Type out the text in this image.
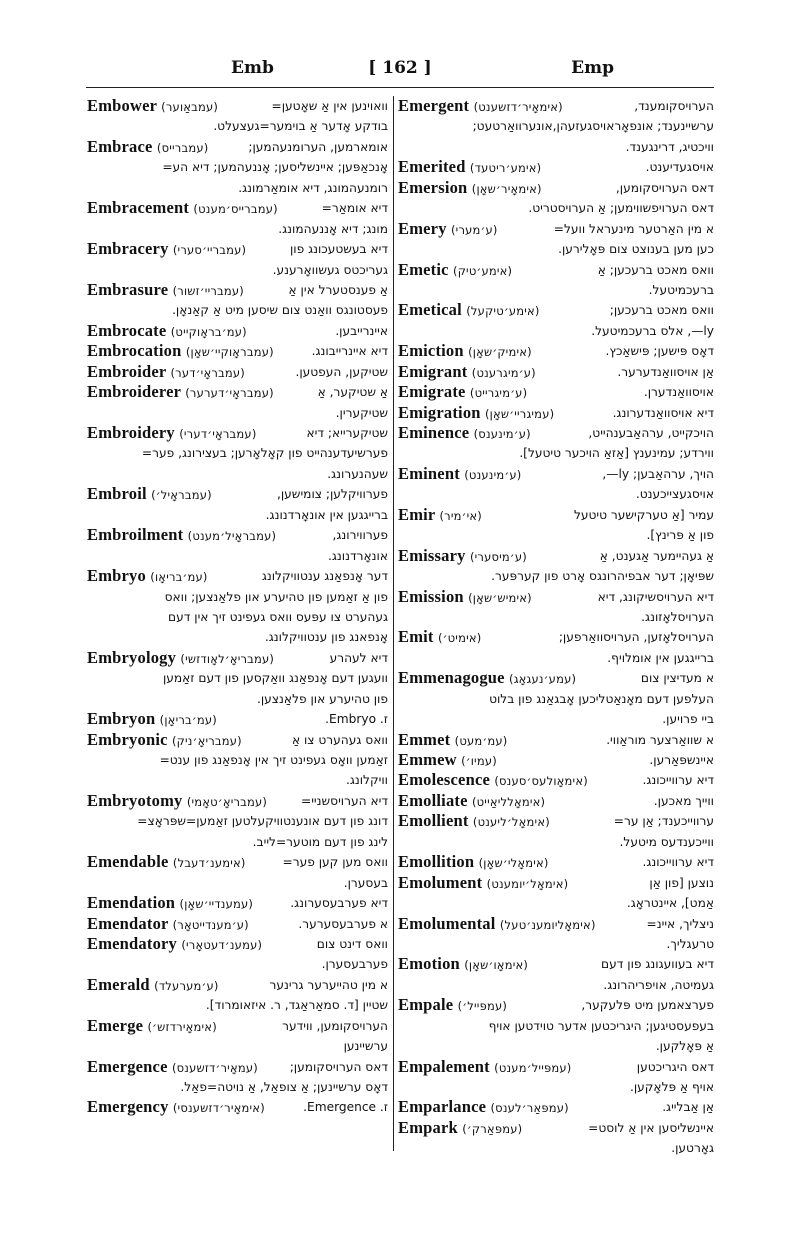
Emb	[ 162 ]	Emp
Embower (עמבאַוער)	וואוינען אין אַ שאָטען=
בודקע אָדער אַ בוימער=געצעלט.
Embrace (עמברייס)	אומארמען, הערומנעהמען;
אָנכאַפּען; איינשליסען; אָננעהמען; דיא הע=
רומנעהמונג, דיא אומאַרמונג.
Embracement (עמברייס׳מענט)	דיא אומאַר=
מונג; דיא אָננעהמונג.
Embracery (עמבריי׳סערי)	דיא בעשטעכונג פון
געריכטס געשוואָרענע.
Embrasure (עמבריי׳זשור)	אַ פענסטערל אין אַ
פעסטונגס וואַנט צום שיסען מיט אַ קאַנאָן.
Embrocate (עמ׳בראָוקייט)	איינרייבען.
Embrocation (עמבראָוקיי׳שאָן)	דיא איינרייבונג.
Embroider (עמבראָי׳דער)	שטיקען, העפטען.
Embroiderer (עמבראָי׳דערער)	אַ שטיקער, אַ
שטיקערין.
Embroidery (עמבראָי׳דערי)	שטיקערייא; דיא
פערשיעדענהייט פון קאָלאָרען; בעצירונג, פער=
שעהנערונג.
Embroil (עמבראָיל׳)	פערוויקלען; צומישען,
ברייגגען אין אונאָרדנונג.
Embroilment (עמבראָיל׳מענט)	פערווירונג,
אונאָרדנונג.
Embryo (עמ׳בריאָו)	דער אָנפאַנג ענטוויקלונג
פון אַ זאַמען פון טהיערע און פלאַנצען; וואס
געהערט צו עפּעס וואס געפינט זיך אין דעם
אָנפאנג פון ענטוויקלונג.
Embryology (עמבריאָ׳לאָודזשי)	דיא לעהרע
וועגען דעם אָנפאַנג וואַקסען פון דעם זאַמען
פון טהיערע און פלאַנצען.
Embryon (עמ׳בריאָן)	ז. Embryo.
Embryonic (עמבריאָ׳ניק)	וואס געהערט צו אַ
זאַמען וואָס געפינט זיך אין אָנפאַנג פון ענט=
וויקלונג.
Embryotomy (עמבריאָ׳טאָמי)	דיא הערויסשניי=
דונג פון דעם אונענטוויקעלטען זאַמען=שפּראָצ=
לינג פון דעם מוטער=לייב.
Emendable (אימענ׳דעבל)	וואס מען קען פער=
בעסערן.
Emendation (עמענדיי׳שאָן)	דיא פערבעסערונג.
Emendator (ע׳מענדייטאָר)	א פערבעסערער.
Emendatory (עמענ׳דעטאָרי)	וואס דינט צום
פערבעסערן.
Emerald (ע׳מערעלד)	א מין טהייערער גרינער
שטיין [ד. סמאַראַגד, ר. איזאומרוד].
Emerge (אימאָירדזש׳)	הערויסקומען, ווידער
ערשיינען
Emergence (עמאָיר׳דזשענס)	דאס הערויסקומען;
דאָס ערשיינען; אַ צופאַל, אַ נויטה=פאַל.
Emergency (אימאָיר׳דזשענסי)	ז. Emergence.
Emergent (אימאָיר׳דזשענט)	הערויסקומענד,
ערשיינענד; אונפאָראויסגעזעהן,אונערוואַרטעט;
וויכטיג, דרינגענד.
Emerited (אימע׳ריטעד)	אויסגעדיענט.
Emersion (אימאָיר׳שאָן)	דאס הערויסקומען,
דאס הערויפשווימען; אַ הערויסטריט.
Emery (ע׳מערי)	א מין האַרטער מינעראל וועל=
כען מען בענוצט צום פּאָלירען.
Emetic (אימע׳טיק)	וואס מאכט ברעכען; אַ
ברעכמיטעל.
Emetical (אימע׳טיקעל)	וואס מאכט ברעכען;
ly—, אלס ברעכמיטעל.
Emiction (אימיק׳שאָן)	דאָס פּישען; פּישאַכץ.
Emigrant (ע׳מיגרענט)	אַן אויסוואַנדערער.
Emigrate (ע׳מיגרייט)	אויסוואַנדערן.
Emigration (עמיגריי׳שאָן)	דיא אויסוואַנדערונג.
Eminence (ע׳מינענס)	הויכקייט, ערהאַבענהייט,
ווירדע; עמינענץ [אַזאַ הויכער טיטעל].
Eminent (ע׳מינענט)	הויך, ערהאַבען; ly—,
אויסגעצייכענט.
Emir (אי׳מיר)	עמיר [אַ טערקישער טיטעל
פון אַ פּרינץ].
Emissary (ע׳מיסערי)	אַ געהיימער אַגענט, אַ
שפּיאָן; דער אבפיהרונגס אָרט פון קערפּער.
Emission (אימיש׳שאָן)	דיא הערויסשיקונג, דיא
הערויסלאָזונג.
Emit (אימיט׳)	הערויסלאָזען, הערויסוואַרפען;
ברייגגען אין אומלויף.
Emmenagogue (עמע׳נעגאָג)	א מעדיצין צום
העלפען דעם מאָנאַטליכען אָבגאַנג פון בלוט
ביי פרויען.
Emmet (עמ׳מעט)	א שוואַרצער מוראַווי.
Emmew (עמיו׳)	איינשפּאַרען.
Emolescence (אימאָולעס׳סענס)	דיא ערווייכונג.
Emolliate (אימאָלליאַייט)	ווייך מאכען.
Emollient (אימאָל׳ליענט)	ערווייכענד; אַן ער=
ווייכענדעס מיטעל.
Emollition (אימאָלי׳שאָן)	דיא ערווייכונג.
Emolument (אימאָל׳יומענט)	נוצען [פון אַן
אַמט], איינטראָג.
Emolumental (אימאָליומענ׳טעל)	ניצליך, איינ=
טרעגליך.
Emotion (אימאָו׳שאָן)	דיא בעוועגונג פון דעם
געמיטה, אויפריהרונג.
Empale (עמפּייל׳)	פערצאמען מיט פּלעקער,
בעפעסטיגען; היגריכטען אדער טוידטען אויף
אַ פּאָלקען.
Empalement (עמפּייל׳מענט)	דאס היגריכטען
אויף אַ פּלאָקען.
Emparlance (עמפּאַר׳לענס)	אַן אַבלייג.
Empark (עמפּאַרק׳)	איינשליסען אין אַ לוסט=
גאָרטען.
